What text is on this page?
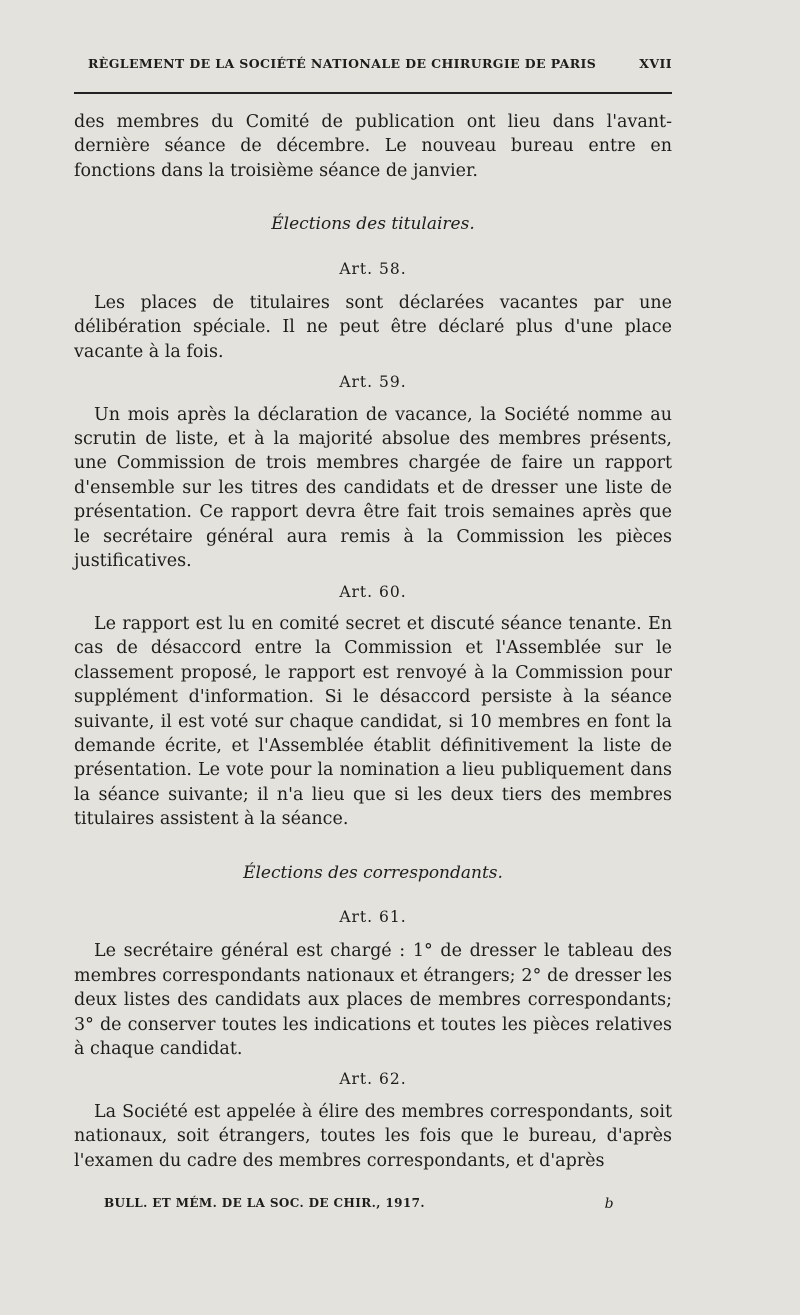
RÈGLEMENT DE LA SOCIÉTÉ NATIONALE DE CHIRURGIE DE PARIS	XVII

des membres du Comité de publication ont lieu dans l'avant-dernière séance de décembre. Le nouveau bureau entre en fonctions dans la troisième séance de janvier.

Élections des titulaires.
Art. 58.

Les places de titulaires sont déclarées vacantes par une délibération spéciale. Il ne peut être déclaré plus d'une place vacante à la fois.

Art. 59.

Un mois après la déclaration de vacance, la Société nomme au scrutin de liste, et à la majorité absolue des membres présents, une Commission de trois membres chargée de faire un rapport d'ensemble sur les titres des candidats et de dresser une liste de présentation. Ce rapport devra être fait trois semaines après que le secrétaire général aura remis à la Commission les pièces justificatives.

Art. 60.

Le rapport est lu en comité secret et discuté séance tenante. En cas de désaccord entre la Commission et l'Assemblée sur le classement proposé, le rapport est renvoyé à la Commission pour supplément d'information. Si le désaccord persiste à la séance suivante, il est voté sur chaque candidat, si 10 membres en font la demande écrite, et l'Assemblée établit définitivement la liste de présentation. Le vote pour la nomination a lieu publiquement dans la séance suivante; il n'a lieu que si les deux tiers des membres titulaires assistent à la séance.

Élections des correspondants.
Art. 61.

Le secrétaire général est chargé : 1° de dresser le tableau des membres correspondants nationaux et étrangers; 2° de dresser les deux listes des candidats aux places de membres correspondants; 3° de conserver toutes les indications et toutes les pièces relatives à chaque candidat.

Art. 62.

La Société est appelée à élire des membres correspondants, soit nationaux, soit étrangers, toutes les fois que le bureau, d'après l'examen du cadre des membres correspondants, et d'après

BULL. ET MÉM. DE LA SOC. DE CHIR., 1917.	b
